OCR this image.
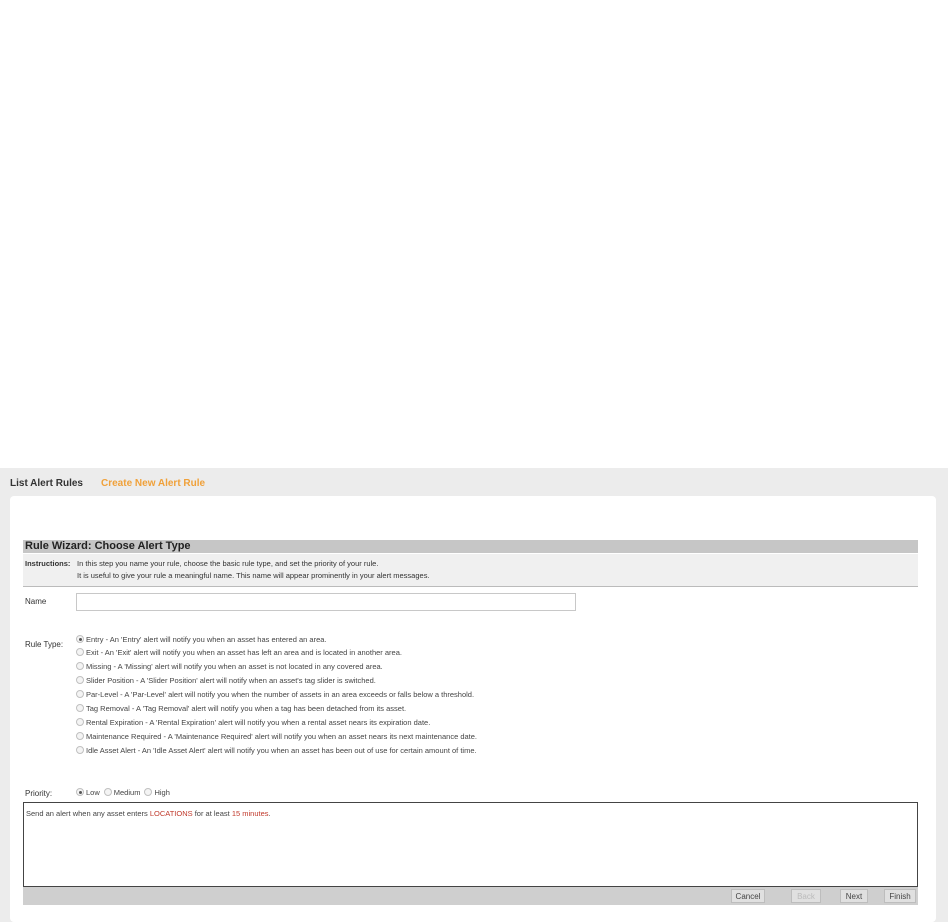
List Alert Rules Create New Alert Rule
Rule Wizard: Choose Alert Type
Instructions: In this step you name your rule, choose the basic rule type, and set the priority of your rule.
It is useful to give your rule a meaningful name. This name will appear prominently in your alert messages.
Name
Rule Type:
Entry - An 'Entry' alert will notify you when an asset has entered an area.
Exit - An 'Exit' alert will notify you when an asset has left an area and is located in another area.
Missing - A 'Missing' alert will notify you when an asset is not located in any covered area.
Slider Position - A 'Slider Position' alert will notify when an asset's tag slider is switched.
Par-Level - A 'Par-Level' alert will notify you when the number of assets in an area exceeds or falls below a threshold.
Tag Removal - A 'Tag Removal' alert will notify you when a tag has been detached from its asset.
Rental Expiration - A 'Rental Expiration' alert will notify you when a rental asset nears its expiration date.
Maintenance Required - A 'Maintenance Required' alert will notify you when an asset nears its next maintenance date.
Idle Asset Alert - An 'Idle Asset Alert' alert will notify you when an asset has been out of use for certain amount of time.
Priority:	Low Medium High
Send an alert when any asset enters LOCATIONS for at least 15 minutes.
Cancel	Back	Next	Finish
